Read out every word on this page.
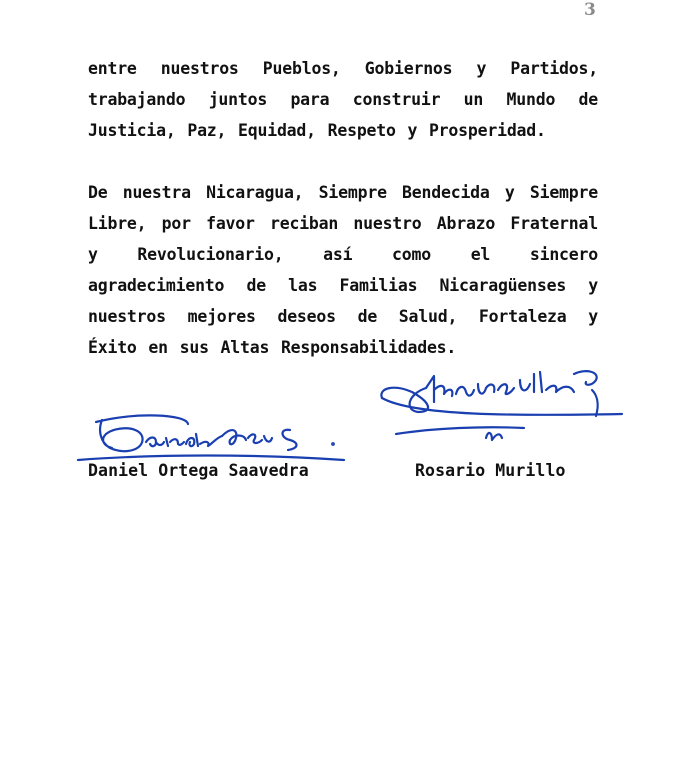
3
entre nuestros Pueblos, Gobiernos y Partidos, trabajando juntos para construir un Mundo de Justicia, Paz, Equidad, Respeto y Prosperidad.
De nuestra Nicaragua, Siempre Bendecida y Siempre Libre, por favor reciban nuestro Abrazo Fraternal y Revolucionario, así como el sincero agradecimiento de las Familias Nicaragüenses y nuestros mejores deseos de Salud, Fortaleza y Éxito en sus Altas Responsabilidades.
Daniel Ortega Saavedra	Rosario Murillo
